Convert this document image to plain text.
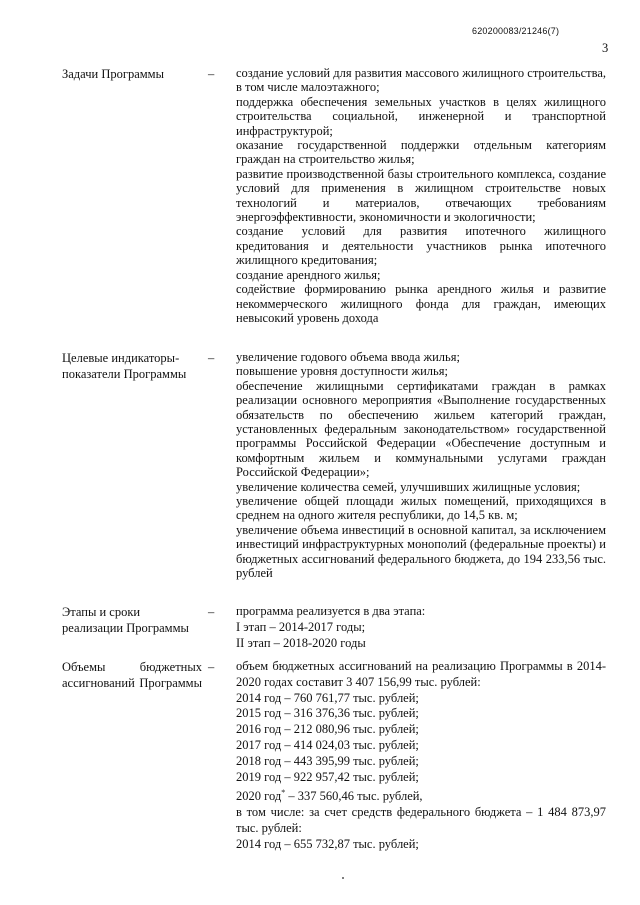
620200083/21246(7)
3
Задачи Программы	– создание условий для развития массового жилищного строительства, в том числе малоэтажного;

поддержка обеспечения земельных участков в целях жилищного строительства социальной, инженерной и транспортной инфраструктурой;

оказание государственной поддержки отдельным категориям граждан на строительство жилья;

развитие производственной базы строительного комплекса, создание условий для применения в жилищном строительстве новых технологий и материалов, отвечающих требованиям энергоэффективности, экономичности и экологичности;

создание условий для развития ипотечного жилищного кредитования и деятельности участников рынка ипотечного жилищного кредитования;

создание арендного жилья;

содействие формированию рынка арендного жилья и развитие некоммерческого жилищного фонда для граждан, имеющих невысокий уровень дохода

Целевые индикаторы-показатели Программы
– увеличение годового объема ввода жилья;

повышение уровня доступности жилья;

обеспечение жилищными сертификатами граждан в рамках реализации основного мероприятия «Выполнение государственных обязательств по обеспечению жильем категорий граждан, установленных федеральным законодательством» государственной программы Российской Федерации «Обеспечение доступным и комфортным жильем и коммунальными услугами граждан Российской Федерации»;

увеличение количества семей, улучшивших жилищные условия;

увеличение общей площади жилых помещений, приходящихся в среднем на одного жителя республики, до 14,5 кв. м;

увеличение объема инвестиций в основной капитал, за исключением инвестиций инфраструктурных монополий (федеральные проекты) и бюджетных ассигнований федерального бюджета, до 194 233,56 тыс. рублей

Этапы и сроки реализации Программы
– программа реализуется в два этапа:

I этап – 2014-2017 годы;

II этап – 2018-2020 годы

Объемы бюджетных ассигнований Программы
– объем бюджетных ассигнований на реализацию Программы в 2014-2020 годах составит 3 407 156,99 тыс. рублей:

2014 год – 760 761,77 тыс. рублей;

2015 год – 316 376,36 тыс. рублей;

2016 год – 212 080,96 тыс. рублей;

2017 год – 414 024,03 тыс. рублей;

2018 год – 443 395,99 тыс. рублей;

2019 год – 922 957,42 тыс. рублей;

2020 год* – 337 560,46 тыс. рублей,

в том числе: за счет средств федерального бюджета – 1 484 873,97 тыс. рублей:

2014 год – 655 732,87 тыс. рублей;
